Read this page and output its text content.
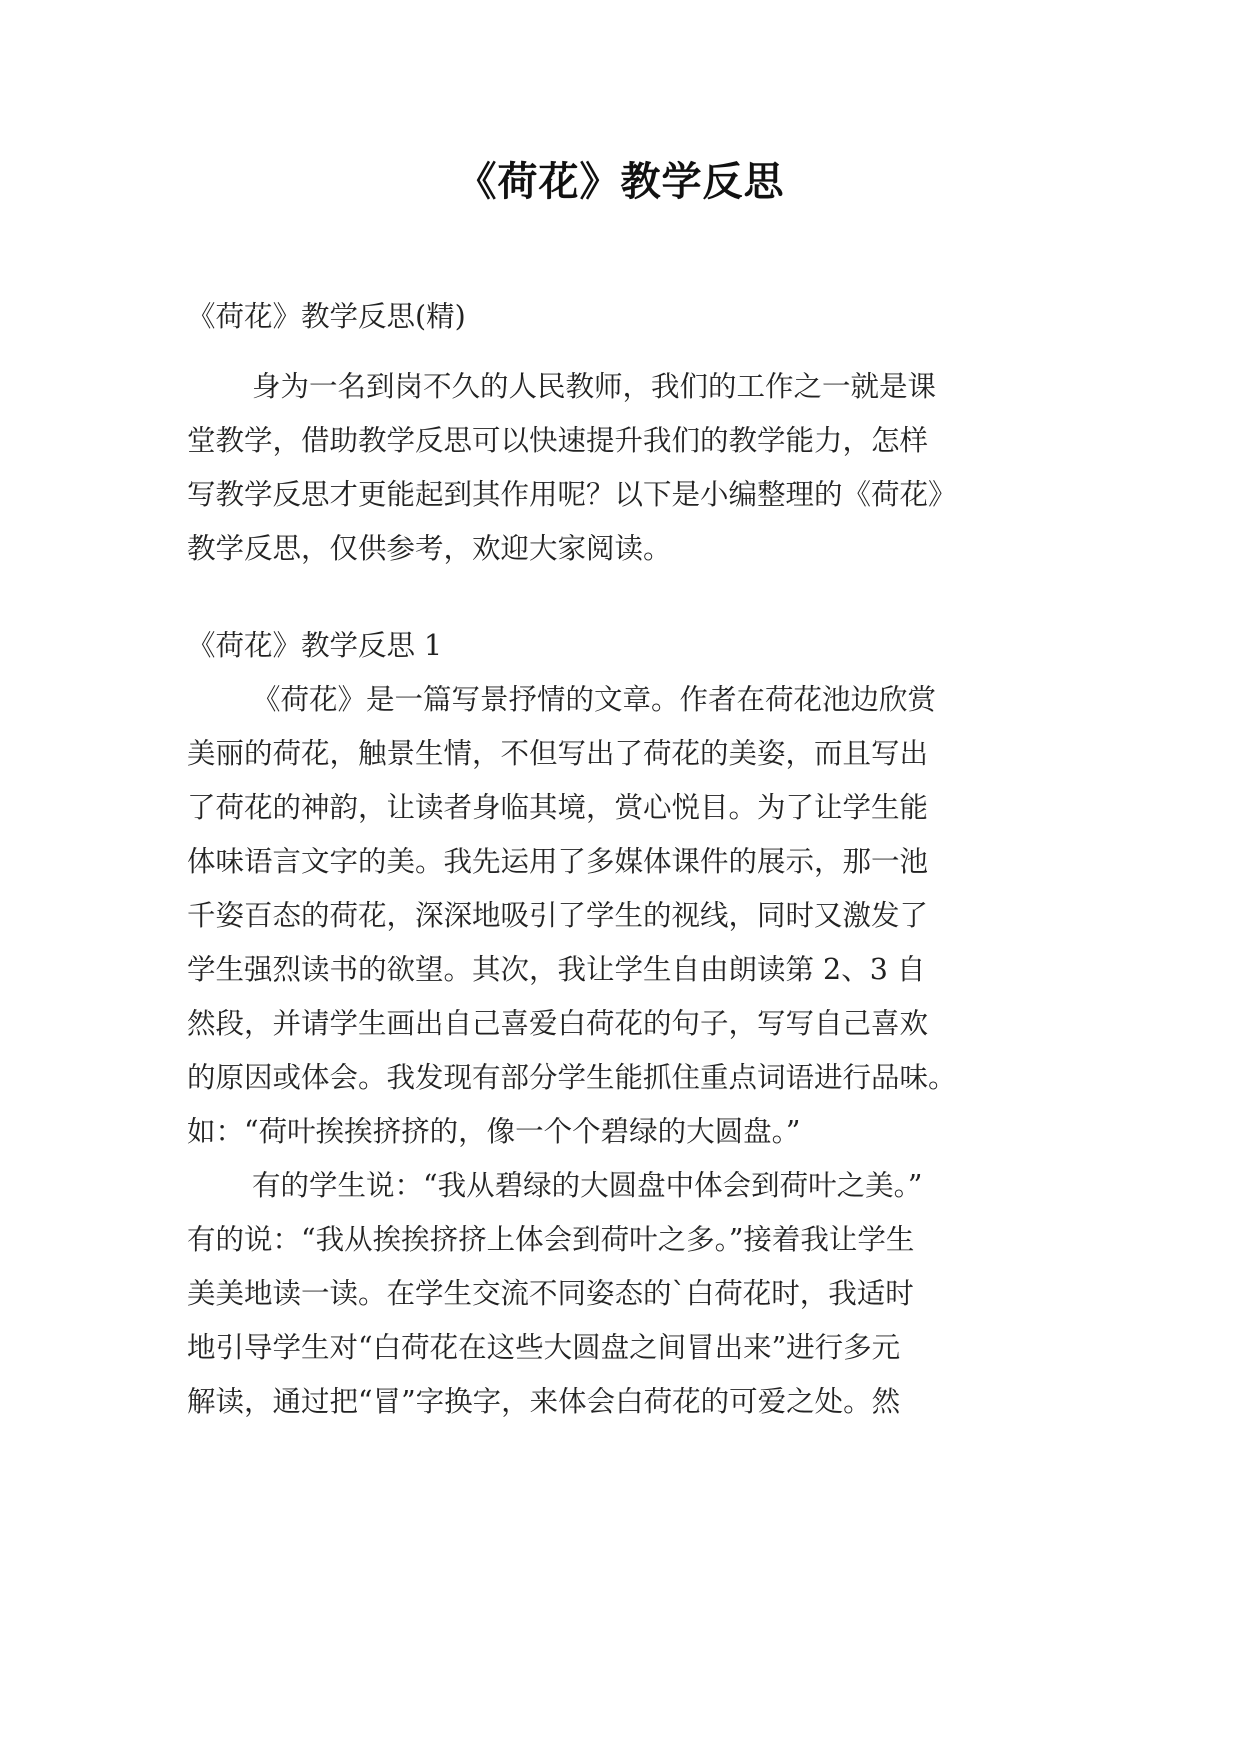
《荷花》教学反思
《荷花》教学反思(精)
身为一名到岗不久的人民教师，我们的工作之一就是课
堂教学，借助教学反思可以快速提升我们的教学能力，怎样
写教学反思才更能起到其作用呢？以下是小编整理的《荷花》
教学反思，仅供参考，欢迎大家阅读。
《荷花》教学反思 1
《荷花》是一篇写景抒情的文章。作者在荷花池边欣赏
美丽的荷花，触景生情，不但写出了荷花的美姿，而且写出
了荷花的神韵，让读者身临其境，赏心悦目。为了让学生能
体味语言文字的美。我先运用了多媒体课件的展示，那一池
千姿百态的荷花，深深地吸引了学生的视线，同时又激发了
学生强烈读书的欲望。其次，我让学生自由朗读第 2、3 自
然段，并请学生画出自己喜爱白荷花的句子，写写自己喜欢
的原因或体会。我发现有部分学生能抓住重点词语进行品味。
如：“荷叶挨挨挤挤的，像一个个碧绿的大圆盘。”
有的学生说：“我从碧绿的大圆盘中体会到荷叶之美。”
有的说：“我从挨挨挤挤上体会到荷叶之多。”接着我让学生
美美地读一读。在学生交流不同姿态的`白荷花时，我适时
地引导学生对“白荷花在这些大圆盘之间冒出来”进行多元
解读，通过把“冒”字换字，来体会白荷花的可爱之处。然
